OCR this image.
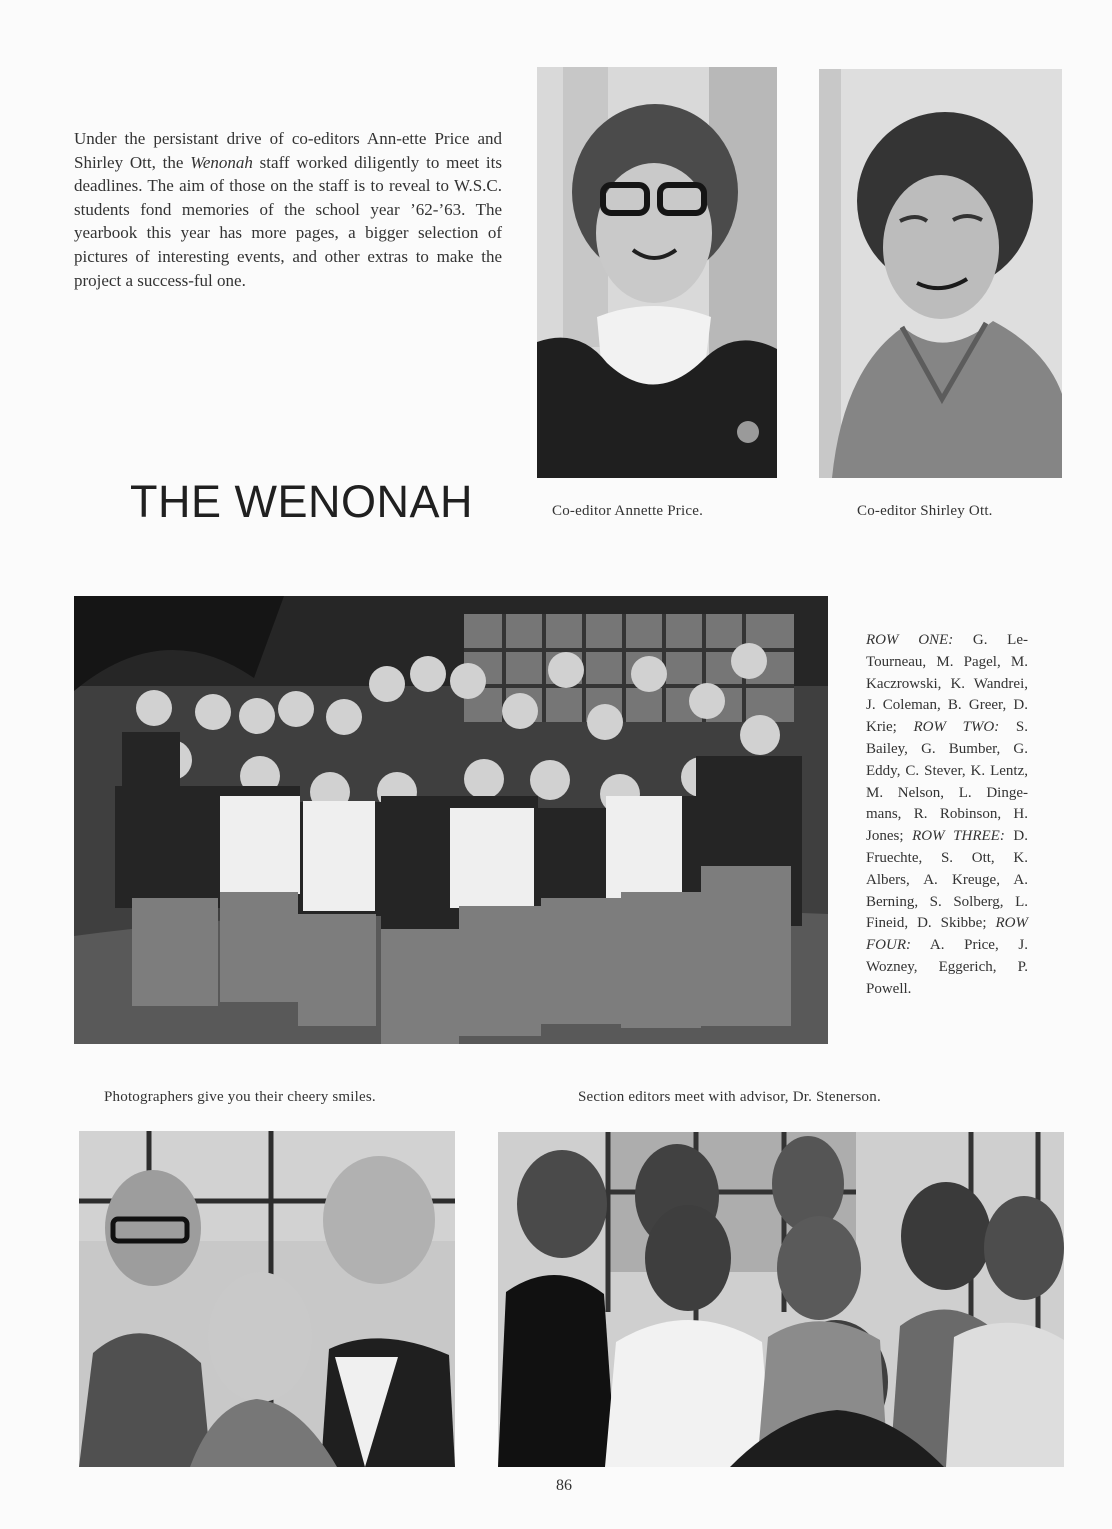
Under the persistant drive of co-editors Ann-ette Price and Shirley Ott, the Wenonah staff worked diligently to meet its deadlines. The aim of those on the staff is to reveal to W.S.C. students fond memories of the school year ’62-’63. The yearbook this year has more pages, a bigger selection of pictures of interesting events, and other extras to make the project a success-ful one.
THE WENONAH	Co-editor Annette Price.	Co-editor Shirley Ott.
ROW ONE: G. Le-Tourneau, M. Pagel, M. Kaczrowski, K. Wandrei, J. Coleman, B. Greer, D. Krie; ROW TWO: S. Bailey, G. Bumber, G. Eddy, C. Stever, K. Lentz, M. Nelson, L. Dinge-mans, R. Robinson, H. Jones; ROW THREE: D. Fruechte, S. Ott, K. Albers, A. Kreuge, A. Berning, S. Solberg, L. Fineid, D. Skibbe; ROW FOUR: A. Price, J. Wozney, Eggerich, P. Powell.
Photographers give you their cheery smiles.	Section editors meet with advisor, Dr. Stenerson.
86
